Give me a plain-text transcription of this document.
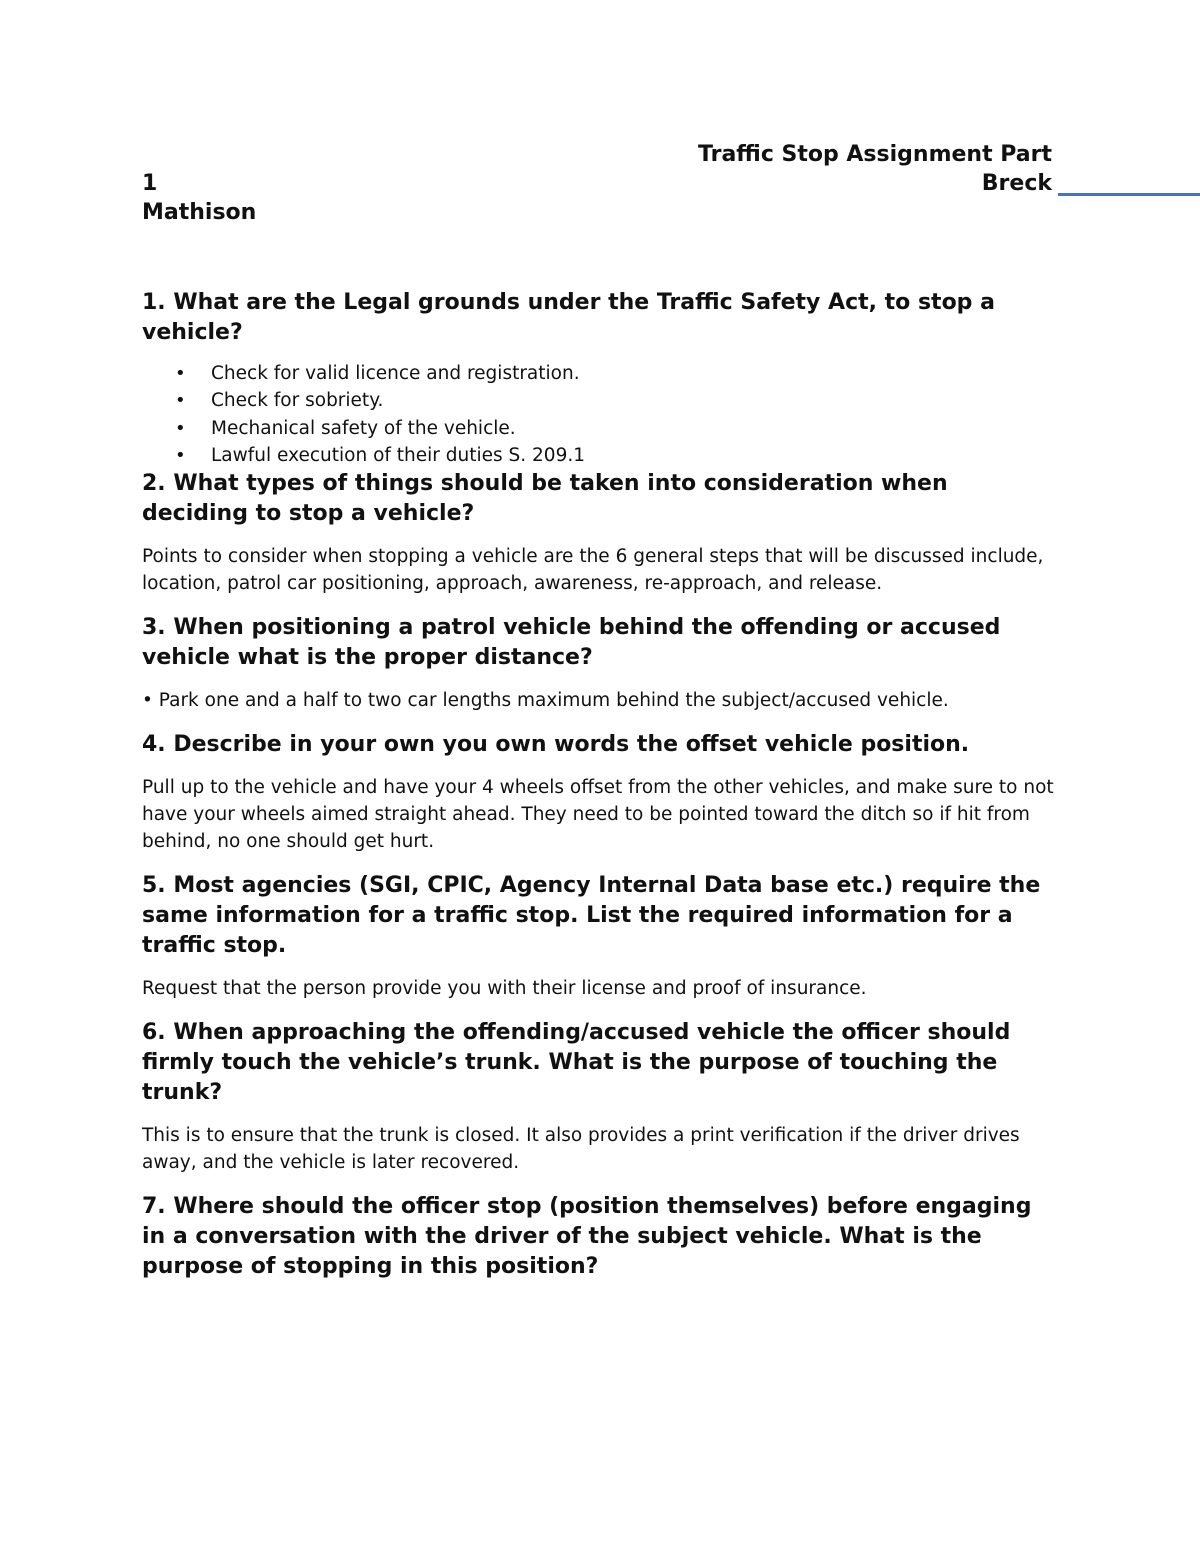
Traffic Stop Assignment Part
1	Breck
Mathison

1. What are the Legal grounds under the Traffic Safety Act, to stop a vehicle?

• Check for valid licence and registration.
• Check for sobriety.
• Mechanical safety of the vehicle.
• Lawful execution of their duties S. 209.1

2. What types of things should be taken into consideration when deciding to stop a vehicle?

Points to consider when stopping a vehicle are the 6 general steps that will be discussed include, location, patrol car positioning, approach, awareness, re-approach, and release.

3. When positioning a patrol vehicle behind the offending or accused vehicle what is the proper distance?

• Park one and a half to two car lengths maximum behind the subject/accused vehicle.

4. Describe in your own you own words the offset vehicle position.

Pull up to the vehicle and have your 4 wheels offset from the other vehicles, and make sure to not have your wheels aimed straight ahead. They need to be pointed toward the ditch so if hit from behind, no one should get hurt.

5. Most agencies (SGI, CPIC, Agency Internal Data base etc.) require the same information for a traffic stop. List the required information for a traffic stop.

Request that the person provide you with their license and proof of insurance.

6. When approaching the offending/accused vehicle the officer should firmly touch the vehicle’s trunk. What is the purpose of touching the trunk?

This is to ensure that the trunk is closed. It also provides a print verification if the driver drives away, and the vehicle is later recovered.

7. Where should the officer stop (position themselves) before engaging in a conversation with the driver of the subject vehicle. What is the purpose of stopping in this position?
